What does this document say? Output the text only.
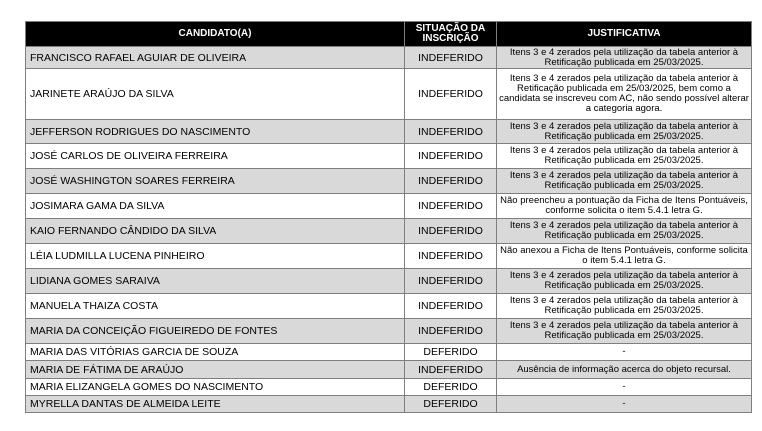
CANDIDATO(A)	SITUAÇÃO DA INSCRIÇÃO	JUSTIFICATIVA
FRANCISCO RAFAEL AGUIAR DE OLIVEIRA	INDEFERIDO	Itens 3 e 4 zerados pela utilização da tabela anterior à Retificação publicada em 25/03/2025.
JARINETE ARAÚJO DA SILVA	INDEFERIDO	Itens 3 e 4 zerados pela utilização da tabela anterior à Retificação publicada em 25/03/2025, bem como a candidata se inscreveu com AC, não sendo possível alterar a categoria agora.
JEFFERSON RODRIGUES DO NASCIMENTO	INDEFERIDO	Itens 3 e 4 zerados pela utilização da tabela anterior à Retificação publicada em 25/03/2025.
JOSÉ CARLOS DE OLIVEIRA FERREIRA	INDEFERIDO	Itens 3 e 4 zerados pela utilização da tabela anterior à Retificação publicada em 25/03/2025.
JOSÉ WASHINGTON SOARES FERREIRA	INDEFERIDO	Itens 3 e 4 zerados pela utilização da tabela anterior à Retificação publicada em 25/03/2025.
JOSIMARA GAMA DA SILVA	INDEFERIDO	Não preencheu a pontuação da Ficha de Itens Pontuáveis, conforme solicita o item 5.4.1 letra G.
KAIO FERNANDO CÂNDIDO DA SILVA	INDEFERIDO	Itens 3 e 4 zerados pela utilização da tabela anterior à Retificação publicada em 25/03/2025.
LÉIA LUDMILLA LUCENA PINHEIRO	INDEFERIDO	Não anexou a Ficha de Itens Pontuáveis, conforme solicita o item 5.4.1 letra G.
LIDIANA GOMES SARAIVA	INDEFERIDO	Itens 3 e 4 zerados pela utilização da tabela anterior à Retificação publicada em 25/03/2025.
MANUELA THAIZA COSTA	INDEFERIDO	Itens 3 e 4 zerados pela utilização da tabela anterior à Retificação publicada em 25/03/2025.
MARIA DA CONCEIÇÃO FIGUEIREDO DE FONTES	INDEFERIDO	Itens 3 e 4 zerados pela utilização da tabela anterior à Retificação publicada em 25/03/2025.
MARIA DAS VITÓRIAS GARCIA DE SOUZA	DEFERIDO	-
MARIA DE FÁTIMA DE ARAÚJO	INDEFERIDO	Ausência de informação acerca do objeto recursal.
MARIA ELIZANGELA GOMES DO NASCIMENTO	DEFERIDO	-
MYRELLA DANTAS DE ALMEIDA LEITE	DEFERIDO	-
